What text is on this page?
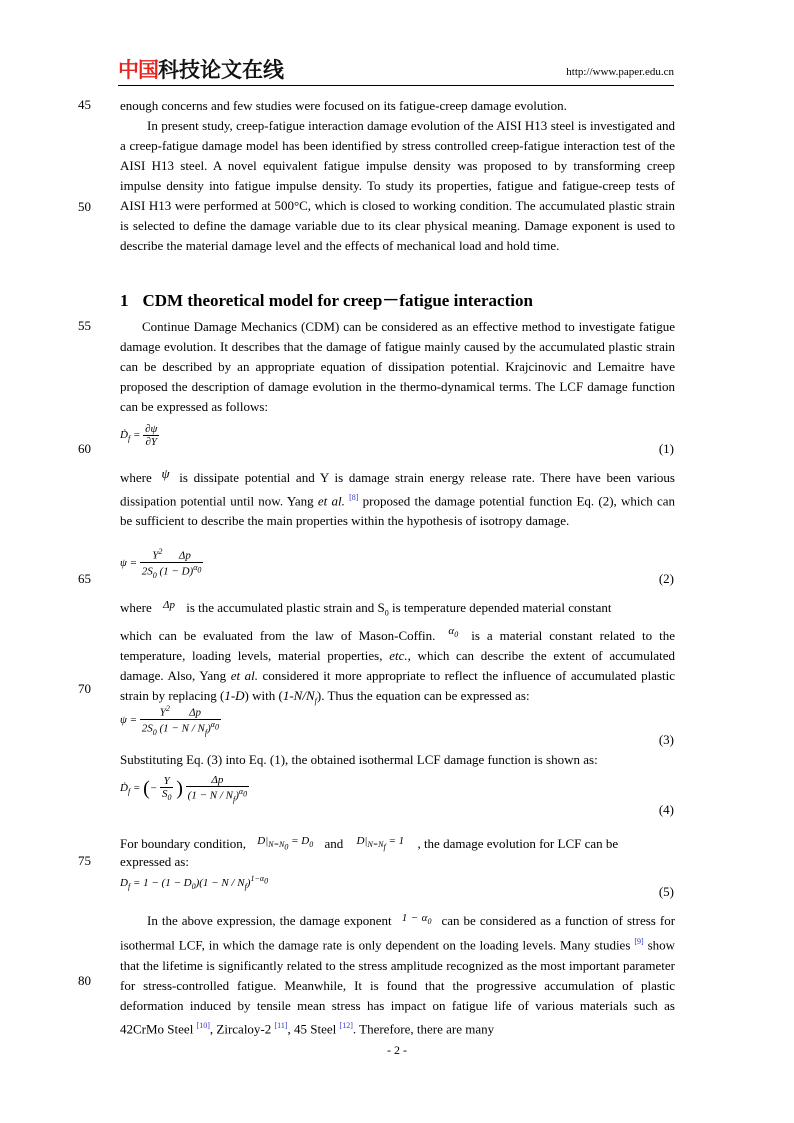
中国 科技论文在线	http://www.paper.edu.cn
45
50
55
60
65
70
75
80
enough concerns and few studies were focused on its fatigue-creep damage evolution.
In present study, creep-fatigue interaction damage evolution of the AISI H13 steel is investigated and a creep-fatigue damage model has been identified by stress controlled creep-fatigue interaction test of the AISI H13 steel. A novel equivalent fatigue impulse density was proposed to by transforming creep impulse density into fatigue impulse density. To study its properties, fatigue and fatigue-creep tests of AISI H13 were performed at 500°C, which is closed to working condition. The accumulated plastic strain is selected to define the damage variable due to its clear physical meaning. Damage exponent is used to describe the material damage level and the effects of mechanical load and hold time.
1 CDM theoretical model for creep－fatigue interaction
Continue Damage Mechanics (CDM) can be considered as an effective method to investigate fatigue damage evolution. It describes that the damage of fatigue mainly caused by the accumulated plastic strain can be described by an appropriate equation of dissipation potential. Krajcinovic and Lemaitre have proposed the description of damage evolution in the thermo-dynamical terms. The LCF damage function can be expressed as follows:
Ḋ$_f$ = $\frac{\partial\psi}{\partial Y}$
(1)
where ψ is dissipate potential and Y is damage strain energy release rate. There have been various dissipation potential until now. Yang et al. [8] proposed the damage potential function Eq. (2), which can be sufficient to describe the main properties within the hypothesis of isotropy damage.
$\psi = \frac{Y^2 \Delta p}{2S_0 (1 - D)^{\alpha_0}}$	(2)
where $^{\Delta p}$ is the accumulated plastic strain and $S_0$ is temperature depended material constant
which can be evaluated from the law of Mason-Coffin. $^{\alpha_0}$ is a material constant related to the temperature, loading levels, material properties, etc., which can describe the extent of accumulated damage. Also, Yang et al. considered it more appropriate to reflect the influence of accumulated plastic strain by replacing (1-D) with $(1-N/N_f)$. Thus the equation can be expressed as:
$\psi = \frac{Y^2 \Delta p}{2S_0 (1 - N / N_f)^{\alpha_0}}$
(3)
Substituting Eq. (3) into Eq. (1), the obtained isothermal LCF damage function is shown as:
Ḋ$_f$ = (− $\frac{Y}{S_0}$ ) $\frac{\Delta p}{(1 - N / N_f)^{\alpha_0}}$
(4)
For boundary condition, $^{D|_{N=N_0} = D_0}$ and $^{D|_{N=N_f} = 1}$ , the damage evolution for LCF can be
expressed as:
$D_f = 1 - (1 - D_0)(1 - N / N_f)^{1-\alpha_0}$
(5)
In the above expression, the damage exponent $^{1 - \alpha_0}$ can be considered as a function of stress for isothermal LCF, in which the damage rate is only dependent on the loading levels. Many studies [9] show that the lifetime is significantly related to the stress amplitude recognized as the most important parameter for stress-controlled fatigue. Meanwhile, It is found that the progressive accumulation of plastic deformation induced by tensile mean stress has impact on fatigue life of various materials such as 42CrMo Steel [10], Zircaloy-2 [11], 45 Steel [12]. Therefore, there are many
- 2 -
